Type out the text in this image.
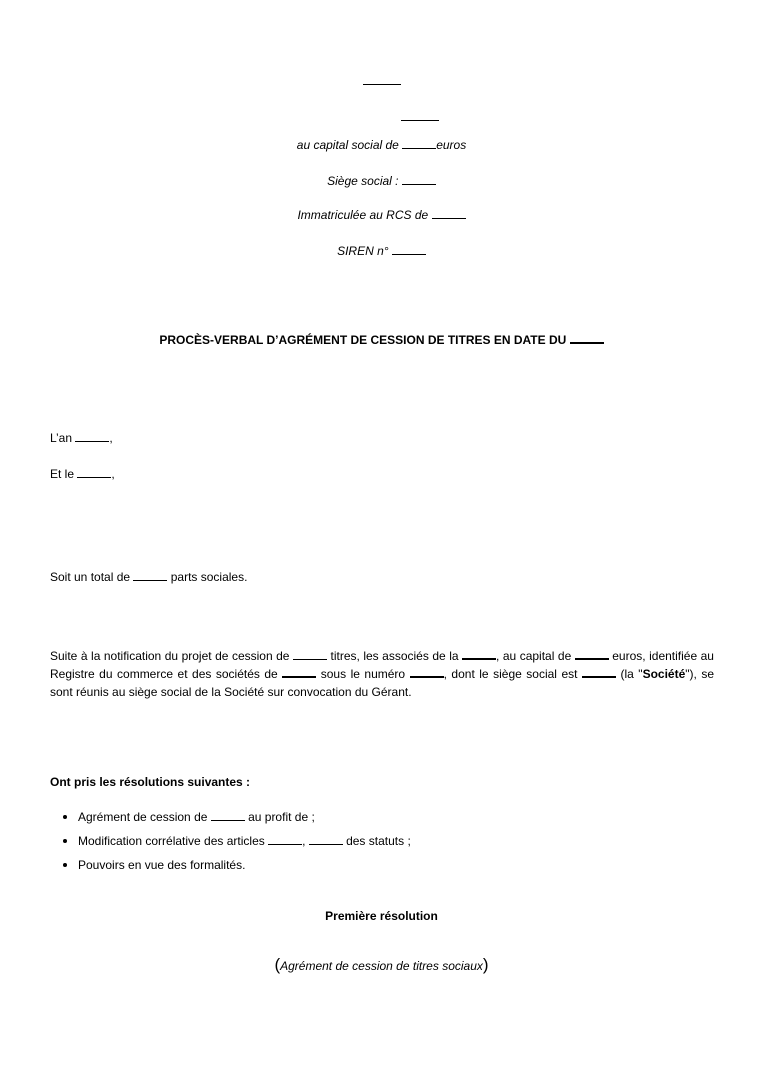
au capital social de	euros
Siège social :
Immatriculée au RCS de
SIREN n°
PROCÈS-VERBAL D’AGRÉMENT DE CESSION DE TITRES EN DATE DU
L’an	,
Et le	,
Soit un total de	parts sociales.
Suite à la notification du projet de cession de	titres, les associés de la	, au capital de	euros, identifiée au Registre du commerce et des sociétés de	sous le numéro	, dont le siège social est	(la "Société"), se sont réunis au siège social de la Société sur convocation du Gérant.
Ont pris les résolutions suivantes :
Agrément de cession de	au profit de ;
Modification corrélative des articles	,	des statuts ;
Pouvoirs en vue des formalités.
Première résolution
(Agrément de cession de titres sociaux)
